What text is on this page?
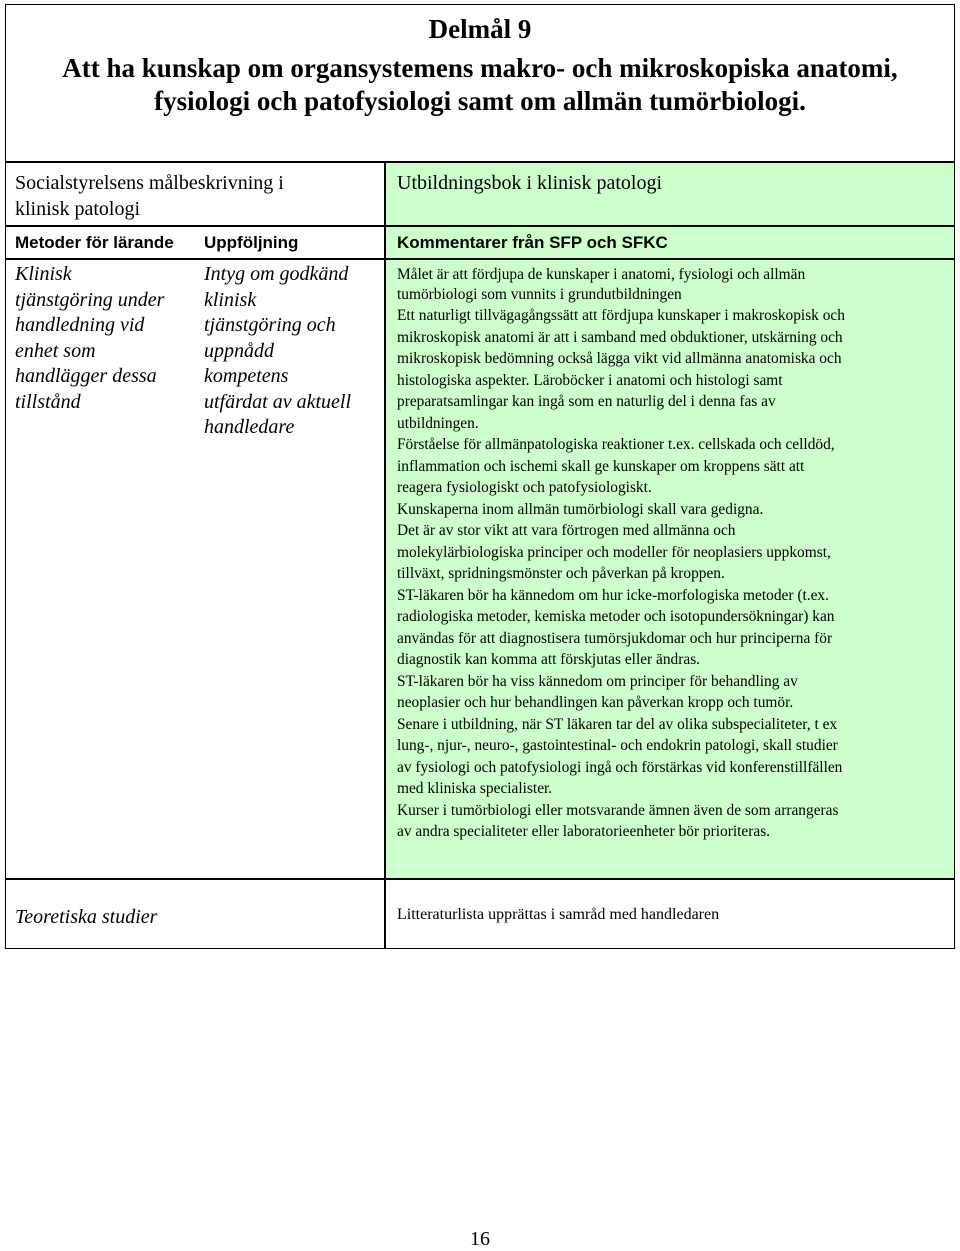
Delmål 9
Att ha kunskap om organsystemens makro- och mikroskopiska anatomi,
fysiologi och patofysiologi samt om allmän tumörbiologi.
Socialstyrelsens målbeskrivning i
klinisk patologi
Utbildningsbok i klinisk patologi
Metoder för lärande Uppföljning	Kommentarer från SFP och SFKC
Klinisk
tjänstgöring under
handledning vid
enhet som
handlägger dessa
tillstånd
Intyg om godkänd
klinisk
tjänstgöring och
uppnådd
kompetens
utfärdat av aktuell
handledare

Målet är att fördjupa de kunskaper i anatomi, fysiologi och allmän

tumörbiologi som vunnits i grundutbildningen

Ett naturligt tillvägagångssätt att fördjupa kunskaper i makroskopisk och

mikroskopisk anatomi är att i samband med obduktioner, utskärning och

mikroskopisk bedömning också lägga vikt vid allmänna anatomiska och

histologiska aspekter. Läroböcker i anatomi och histologi samt

preparatsamlingar kan ingå som en naturlig del i denna fas av

utbildningen.

Förståelse för allmänpatologiska reaktioner t.ex. cellskada och celldöd,

inflammation och ischemi skall ge kunskaper om kroppens sätt att

reagera fysiologiskt och patofysiologiskt.

Kunskaperna inom allmän tumörbiologi skall vara gedigna.

Det är av stor vikt att vara förtrogen med allmänna och

molekylärbiologiska principer och modeller för neoplasiers uppkomst,

tillväxt, spridningsmönster och påverkan på kroppen.

ST-läkaren bör ha kännedom om hur icke-morfologiska metoder (t.ex.

radiologiska metoder, kemiska metoder och isotopundersökningar) kan

användas för att diagnostisera tumörsjukdomar och hur principerna för

diagnostik kan komma att förskjutas eller ändras.

ST-läkaren bör ha viss kännedom om principer för behandling av

neoplasier och hur behandlingen kan påverkan kropp och tumör.

Senare i utbildning, när ST läkaren tar del av olika subspecialiteter, t ex

lung-, njur-, neuro-, gastointestinal- och endokrin patologi, skall studier

av fysiologi och patofysiologi ingå och förstärkas vid konferenstillfällen

med kliniska specialister.

Kurser i tumörbiologi eller motsvarande ämnen även de som arrangeras

av andra specialiteter eller laboratorieenheter bör prioriteras.

Teoretiska studier	Litteraturlista upprättas i samråd med handledaren
16
